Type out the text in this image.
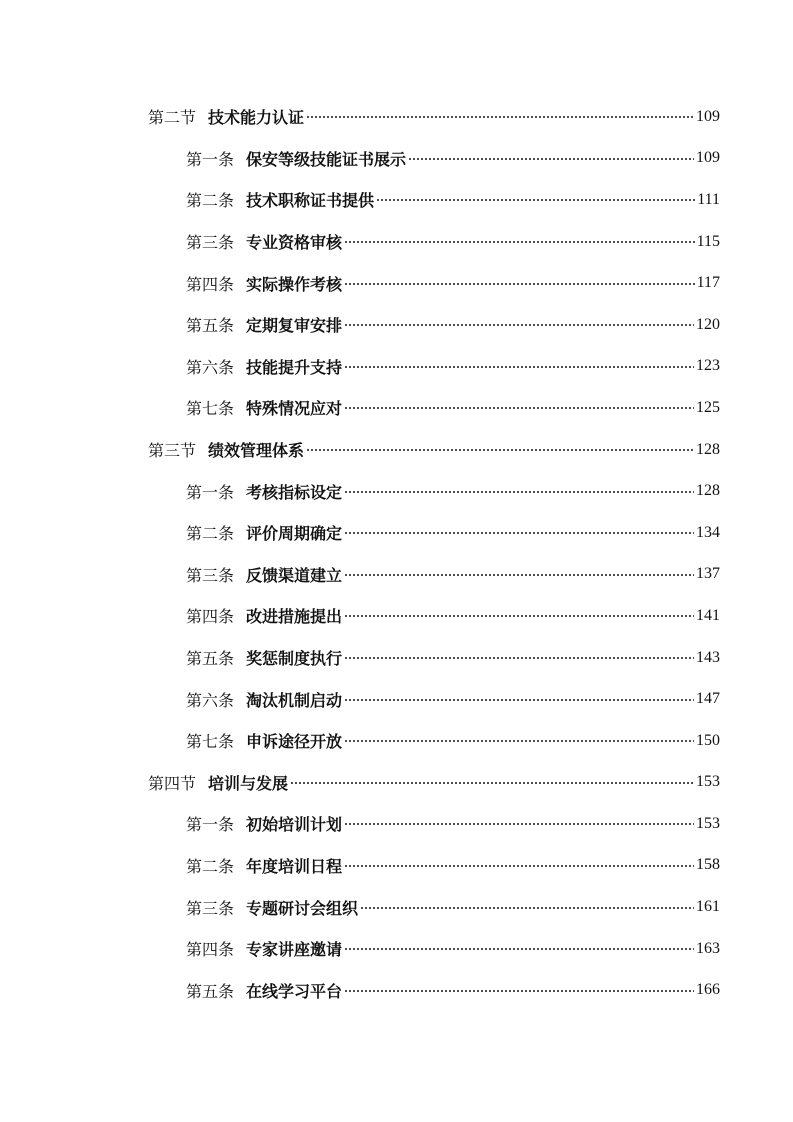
第二节 技术能力认证	109
第一条 保安等级技能证书展示	109
第二条 技术职称证书提供	111
第三条 专业资格审核	115
第四条 实际操作考核	117
第五条 定期复审安排	120
第六条 技能提升支持	123
第七条 特殊情况应对	125
第三节 绩效管理体系	128
第一条 考核指标设定	128
第二条 评价周期确定	134
第三条 反馈渠道建立	137
第四条 改进措施提出	141
第五条 奖惩制度执行	143
第六条 淘汰机制启动	147
第七条 申诉途径开放	150
第四节 培训与发展	153
第一条 初始培训计划	153
第二条 年度培训日程	158
第三条 专题研讨会组织	161
第四条 专家讲座邀请	163
第五条 在线学习平台	166
